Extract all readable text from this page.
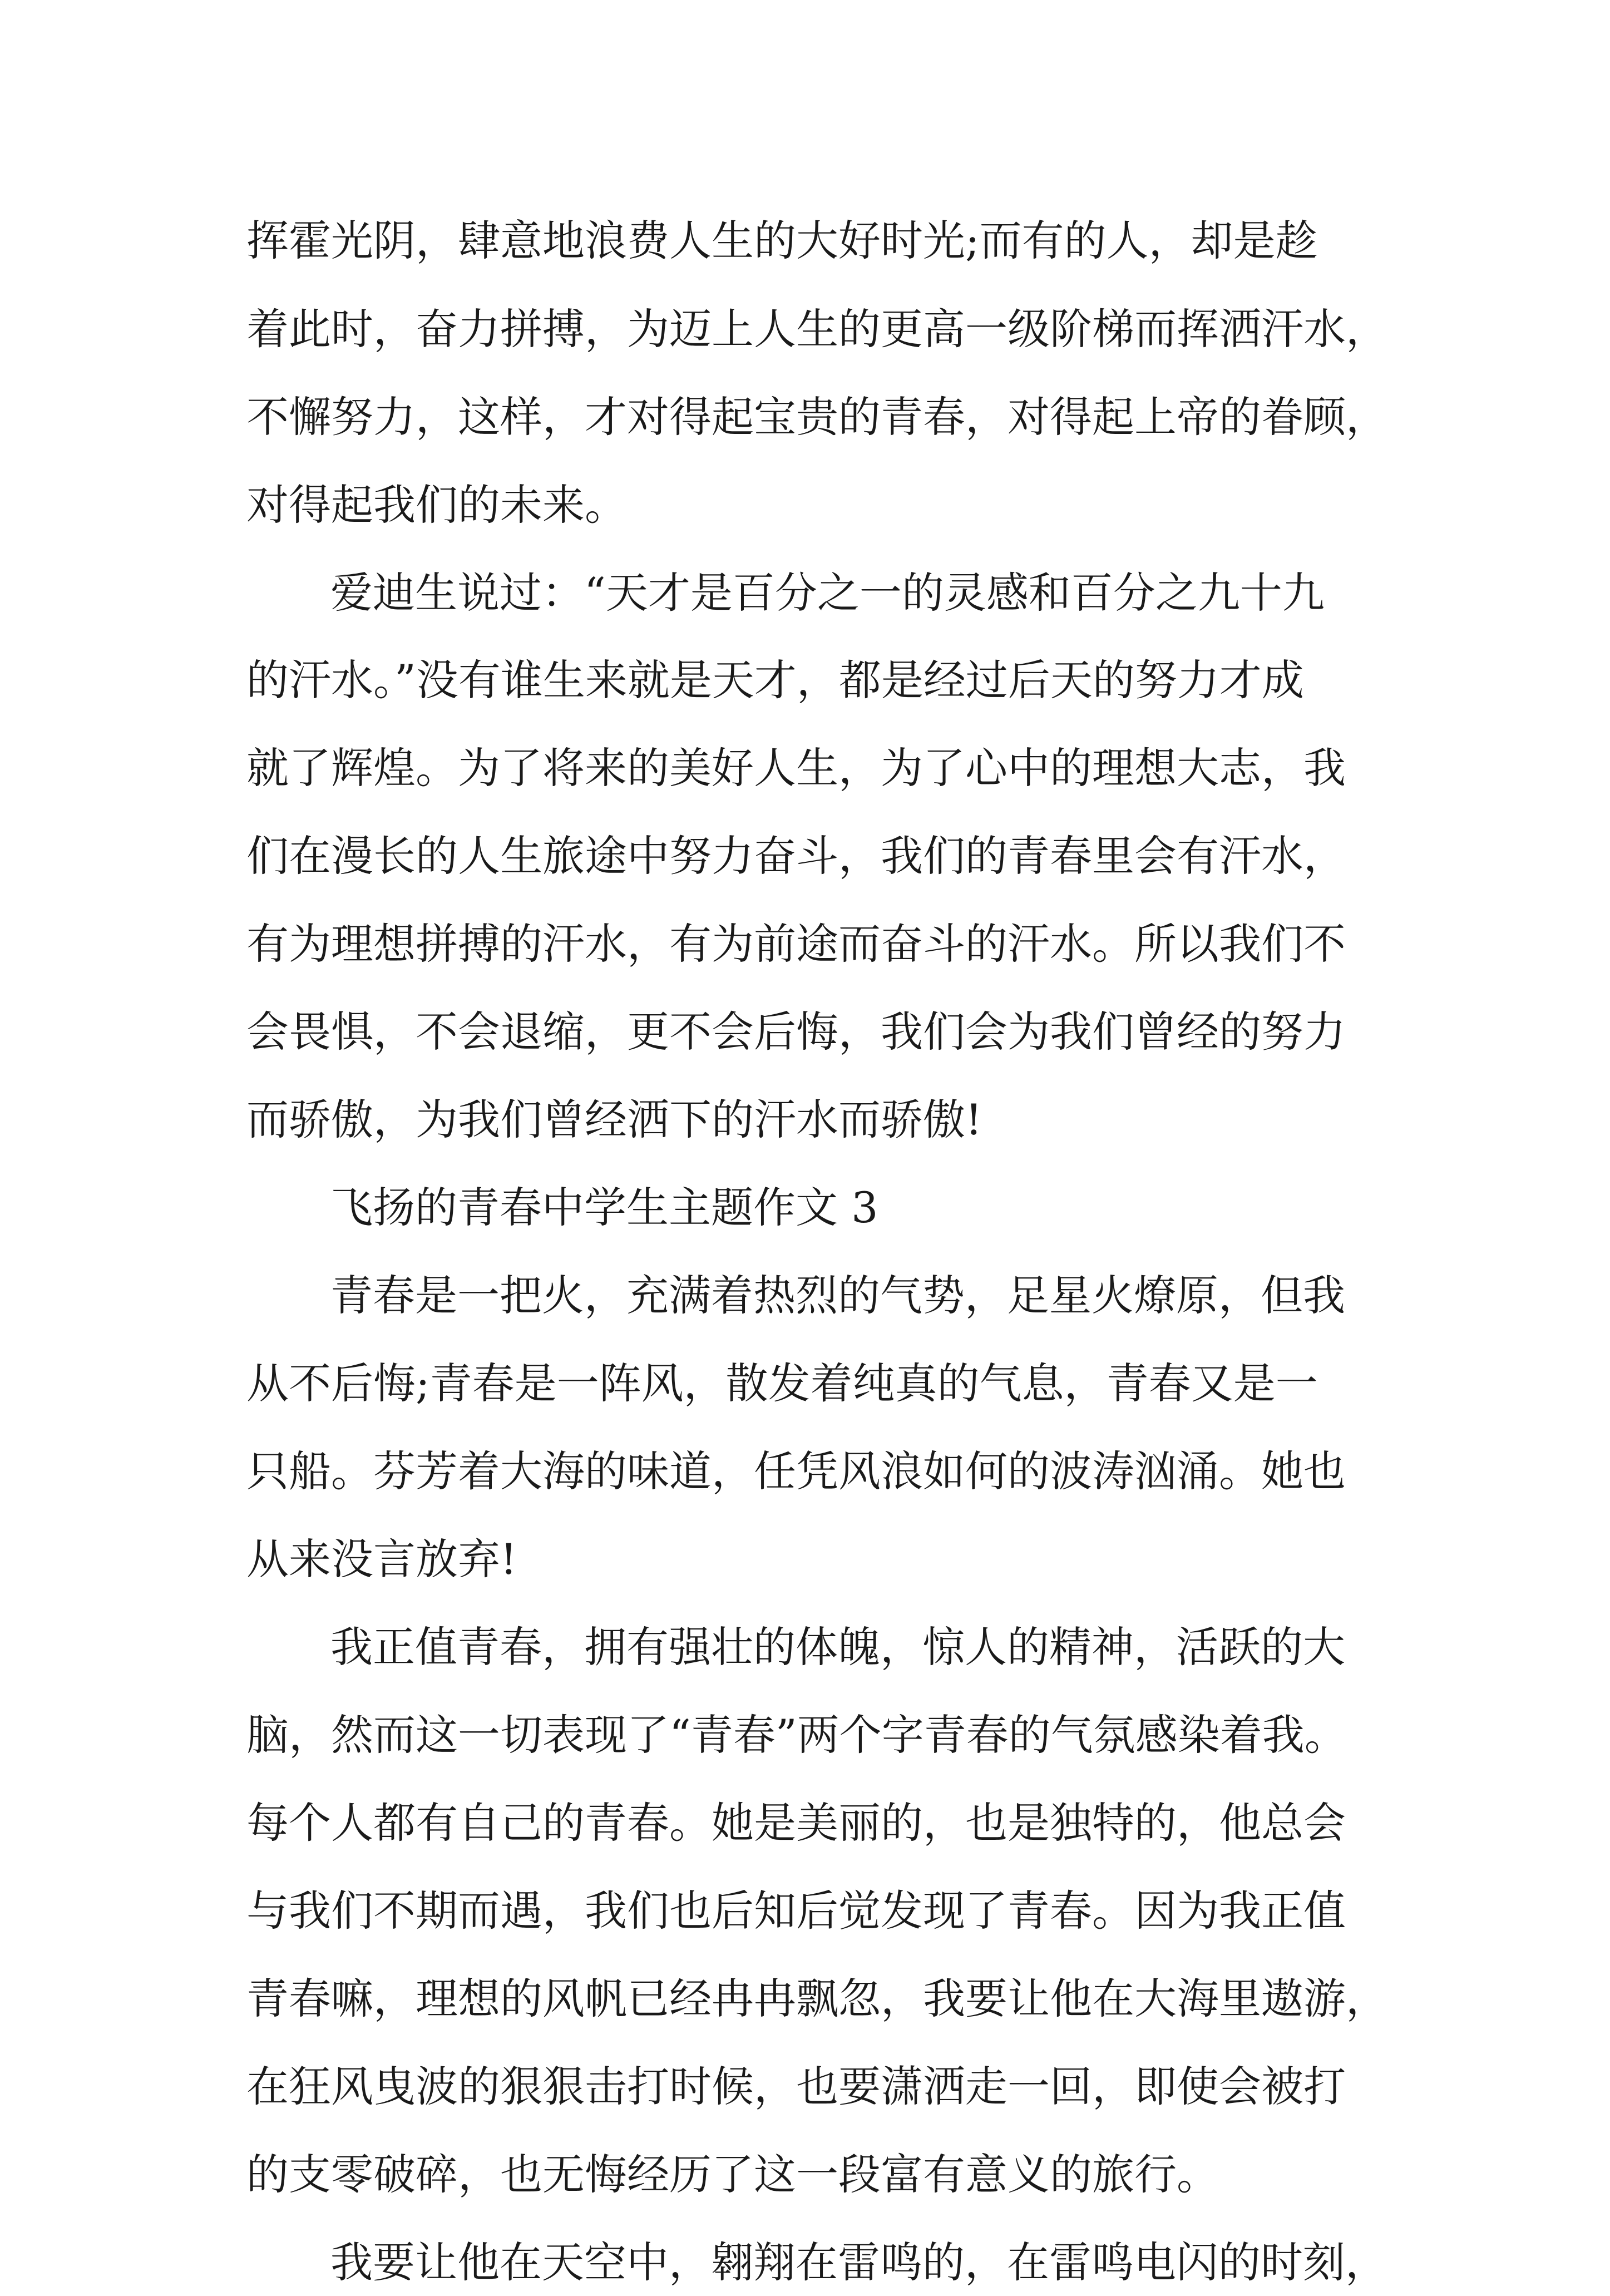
挥霍光阴，肆意地浪费人生的大好时光;而有的人，却是趁
着此时，奋力拼搏，为迈上人生的更高一级阶梯而挥洒汗水，
不懈努力，这样，才对得起宝贵的青春，对得起上帝的眷顾，
对得起我们的未来。
爱迪生说过：“天才是百分之一的灵感和百分之九十九
的汗水。”没有谁生来就是天才，都是经过后天的努力才成
就了辉煌。为了将来的美好人生，为了心中的理想大志，我
们在漫长的人生旅途中努力奋斗，我们的青春里会有汗水，
有为理想拼搏的汗水，有为前途而奋斗的汗水。所以我们不
会畏惧，不会退缩，更不会后悔，我们会为我们曾经的努力
而骄傲，为我们曾经洒下的汗水而骄傲!
飞扬的青春中学生主题作文 3
青春是一把火，充满着热烈的气势，足星火燎原，但我
从不后悔;青春是一阵风，散发着纯真的气息，青春又是一
只船。芬芳着大海的味道，任凭风浪如何的波涛汹涌。她也
从来没言放弃!
我正值青春，拥有强壮的体魄，惊人的精神，活跃的大
脑，然而这一切表现了“青春”两个字青春的气氛感染着我。
每个人都有自己的青春。她是美丽的，也是独特的，他总会
与我们不期而遇，我们也后知后觉发现了青春。因为我正值
青春嘛，理想的风帆已经冉冉飘忽，我要让他在大海里遨游，
在狂风曳波的狠狠击打时候，也要潇洒走一回，即使会被打
的支零破碎，也无悔经历了这一段富有意义的旅行。
我要让他在天空中，翱翔在雷鸣的，在雷鸣电闪的时刻，
